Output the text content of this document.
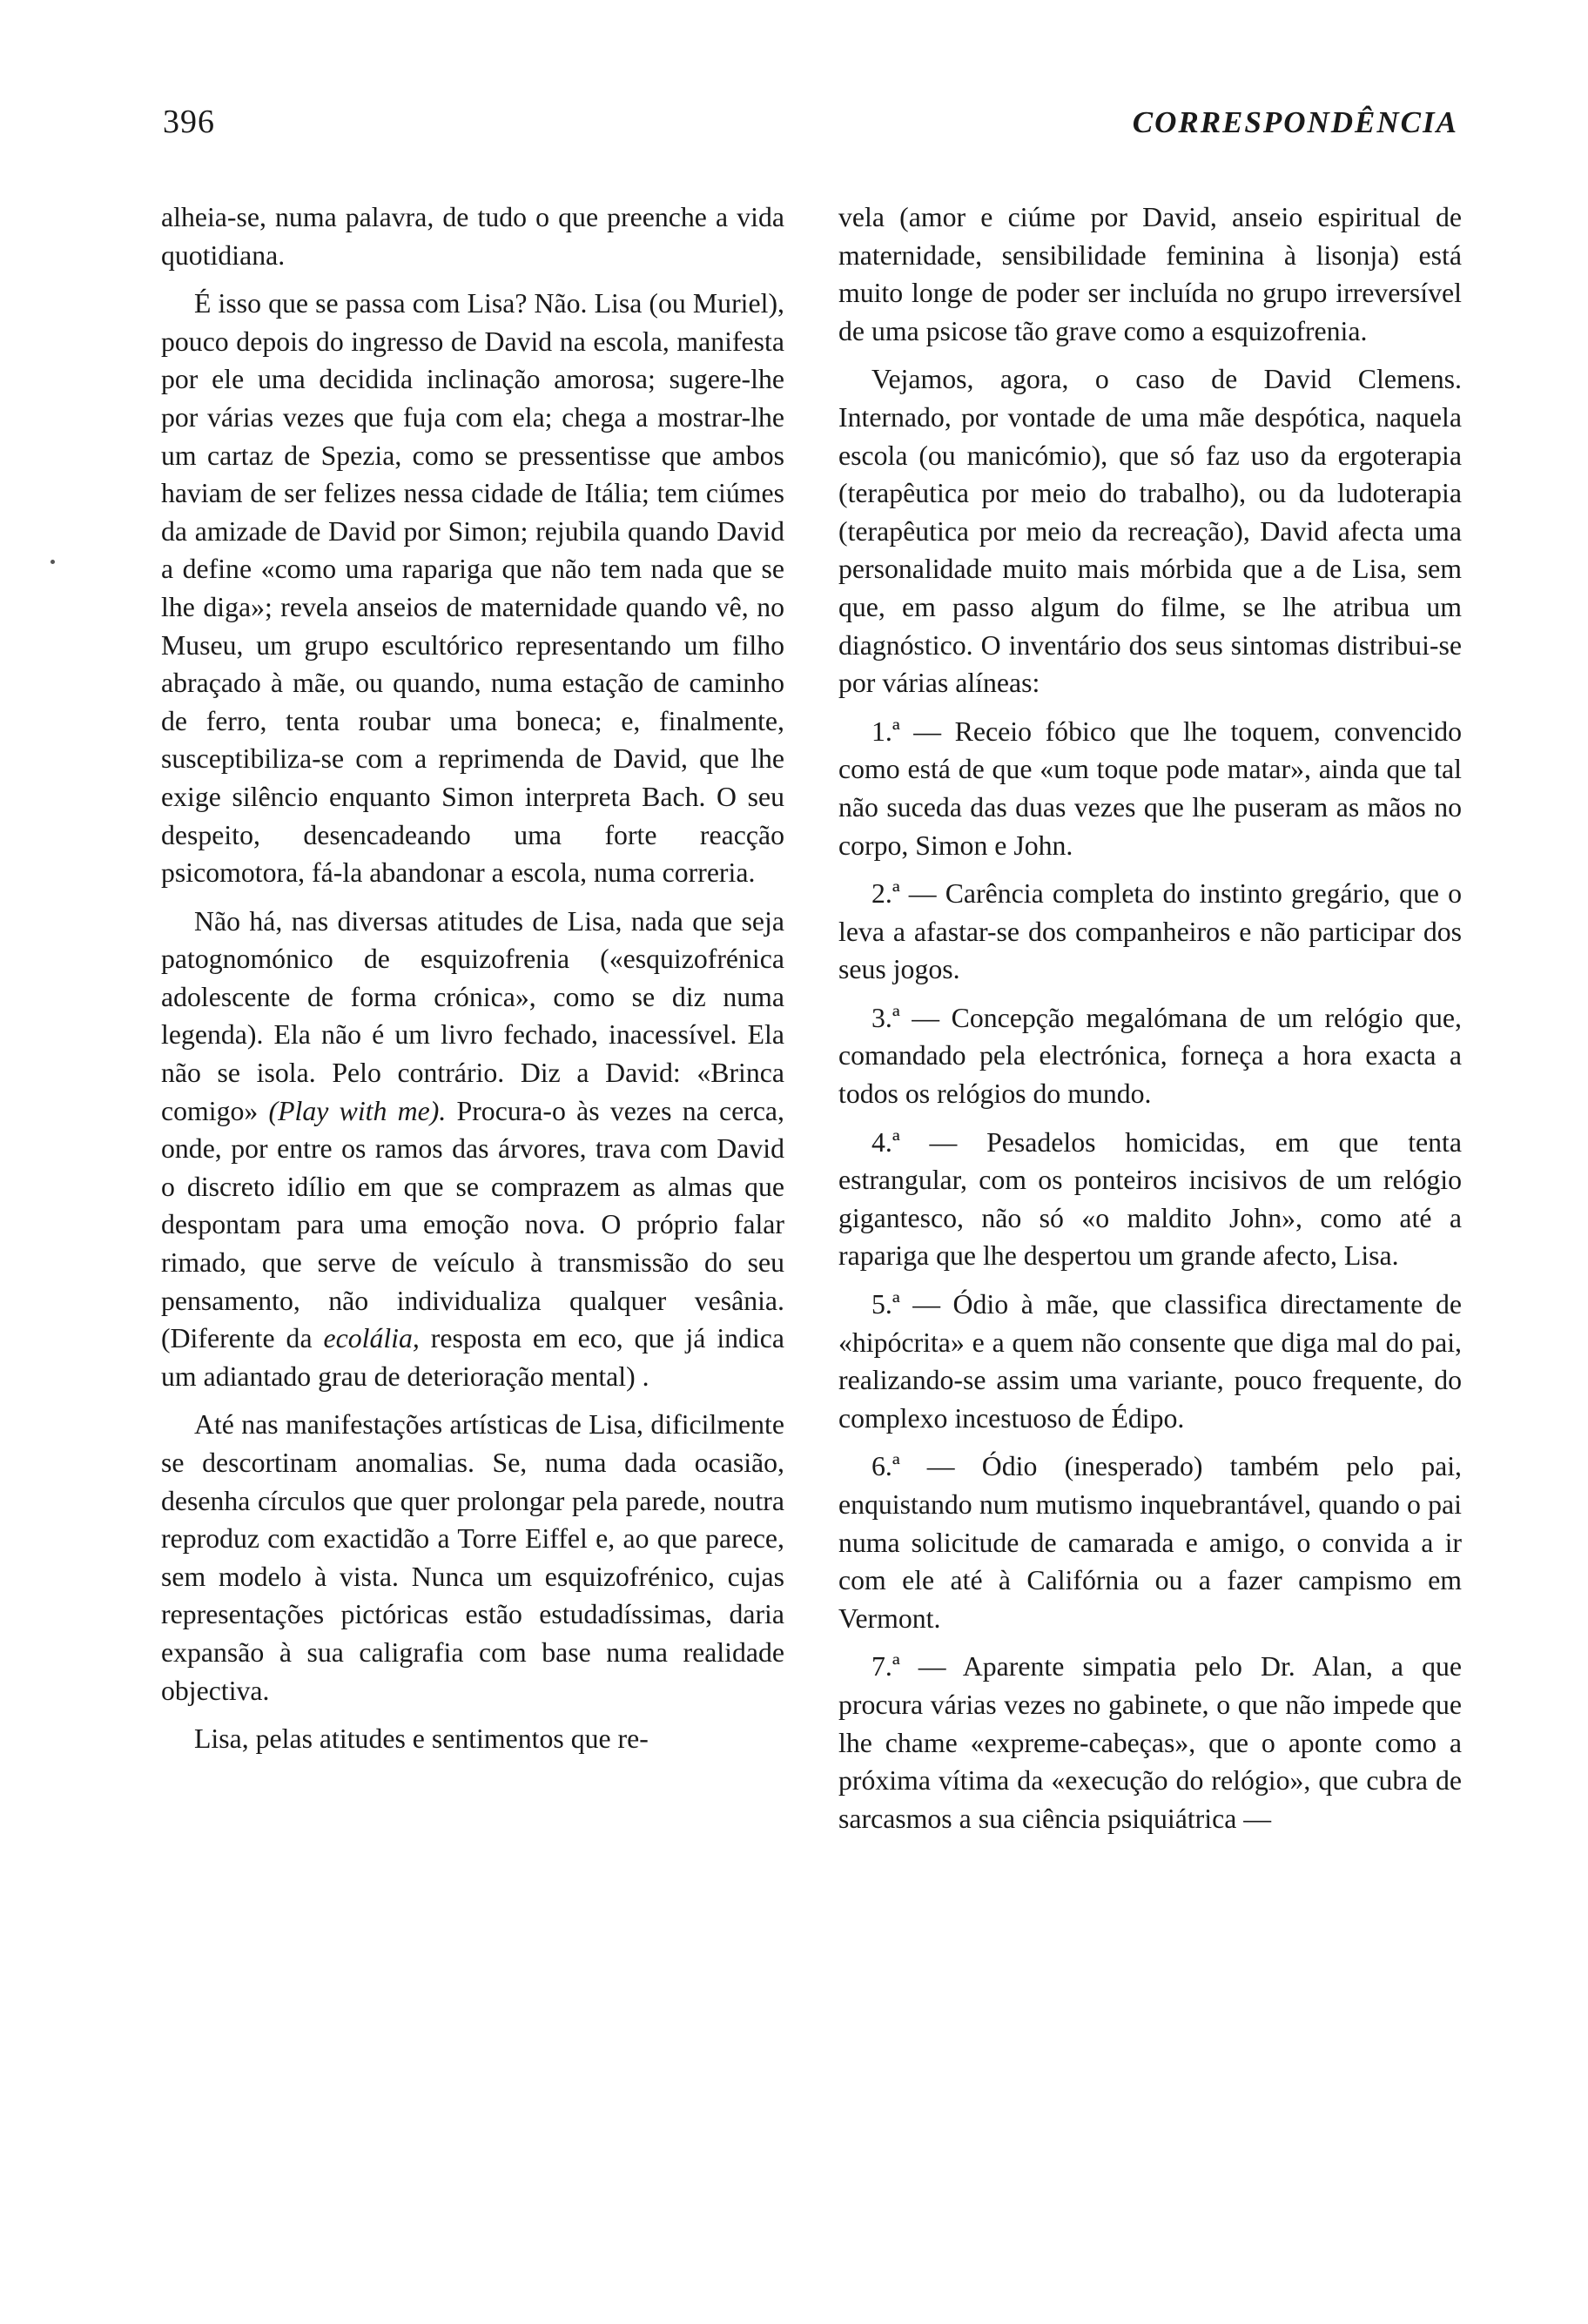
396	CORRESPONDÊNCIA

alheia-se, numa palavra, de tudo o que preenche a vida quotidiana.

É isso que se passa com Lisa? Não. Lisa (ou Muriel), pouco depois do ingresso de David na escola, manifesta por ele uma decidida inclinação amorosa; sugere-lhe por várias vezes que fuja com ela; chega a mostrar-lhe um cartaz de Spezia, como se pressentisse que ambos haviam de ser felizes nessa cidade de Itália; tem ciúmes da amizade de David por Simon; rejubila quando David a define «como uma rapariga que não tem nada que se lhe diga»; revela anseios de maternidade quando vê, no Museu, um grupo escultórico representando um filho abraçado à mãe, ou quando, numa estação de caminho de ferro, tenta roubar uma boneca; e, finalmente, susceptibiliza-se com a reprimenda de David, que lhe exige silêncio enquanto Simon interpreta Bach. O seu despeito, desencadeando uma forte reacção psicomotora, fá-la abandonar a escola, numa correria.

Não há, nas diversas atitudes de Lisa, nada que seja patognomónico de esquizofrenia («esquizofrénica adolescente de forma crónica», como se diz numa legenda). Ela não é um livro fechado, inacessível. Ela não se isola. Pelo contrário. Diz a David: «Brinca comigo» (Play with me). Procura-o às vezes na cerca, onde, por entre os ramos das árvores, trava com David o discreto idílio em que se comprazem as almas que despontam para uma emoção nova. O próprio falar rimado, que serve de veículo à transmissão do seu pensamento, não individualiza qualquer vesânia. (Diferente da ecolália, resposta em eco, que já indica um adiantado grau de deterioração mental) .

Até nas manifestações artísticas de Lisa, dificilmente se descortinam anomalias. Se, numa dada ocasião, desenha círculos que quer prolongar pela parede, noutra reproduz com exactidão a Torre Eiffel e, ao que parece, sem modelo à vista. Nunca um esquizofrénico, cujas representações pictóricas estão estudadíssimas, daria expansão à sua caligrafia com base numa realidade objectiva.

Lisa, pelas atitudes e sentimentos que re-

vela (amor e ciúme por David, anseio espiritual de maternidade, sensibilidade feminina à lisonja) está muito longe de poder ser incluída no grupo irreversível de uma psicose tão grave como a esquizofrenia.

Vejamos, agora, o caso de David Clemens. Internado, por vontade de uma mãe despótica, naquela escola (ou manicómio), que só faz uso da ergoterapia (terapêutica por meio do trabalho), ou da ludoterapia (terapêutica por meio da recreação), David afecta uma personalidade muito mais mórbida que a de Lisa, sem que, em passo algum do filme, se lhe atribua um diagnóstico. O inventário dos seus sintomas distribui-se por várias alíneas:

1.ª — Receio fóbico que lhe toquem, convencido como está de que «um toque pode matar», ainda que tal não suceda das duas vezes que lhe puseram as mãos no corpo, Simon e John.

2.ª — Carência completa do instinto gregário, que o leva a afastar-se dos companheiros e não participar dos seus jogos.

3.ª — Concepção megalómana de um relógio que, comandado pela electrónica, forneça a hora exacta a todos os relógios do mundo.

4.ª — Pesadelos homicidas, em que tenta estrangular, com os ponteiros incisivos de um relógio gigantesco, não só «o maldito John», como até a rapariga que lhe despertou um grande afecto, Lisa.

5.ª — Ódio à mãe, que classifica directamente de «hipócrita» e a quem não consente que diga mal do pai, realizando-se assim uma variante, pouco frequente, do complexo incestuoso de Édipo.

6.ª — Ódio (inesperado) também pelo pai, enquistando num mutismo inquebrantável, quando o pai numa solicitude de camarada e amigo, o convida a ir com ele até à Califórnia ou a fazer campismo em Vermont.

7.ª — Aparente simpatia pelo Dr. Alan, a que procura várias vezes no gabinete, o que não impede que lhe chame «expreme-cabeças», que o aponte como a próxima vítima da «execução do relógio», que cubra de sarcasmos a sua ciência psiquiátrica —
